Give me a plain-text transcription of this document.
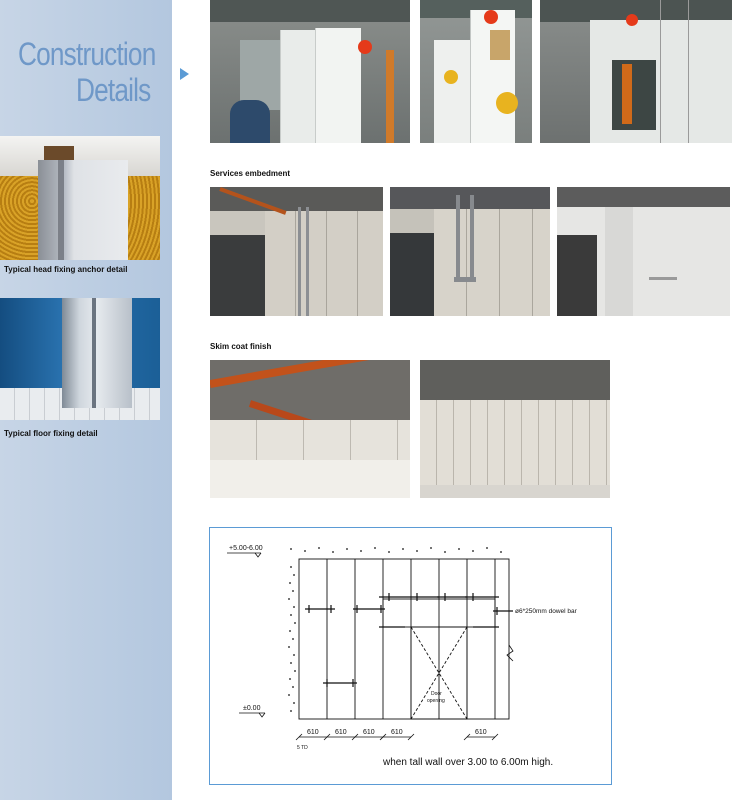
Construction
Details
Typical head fixing anchor detail
Typical floor fixing detail
Services embedment
Skim coat finish
+5.00-6.00
±0.00
ø6*250mm dowel bar
Door
opening
610 610 610 610	610
5 TD
when tall wall over 3.00 to 6.00m high.
